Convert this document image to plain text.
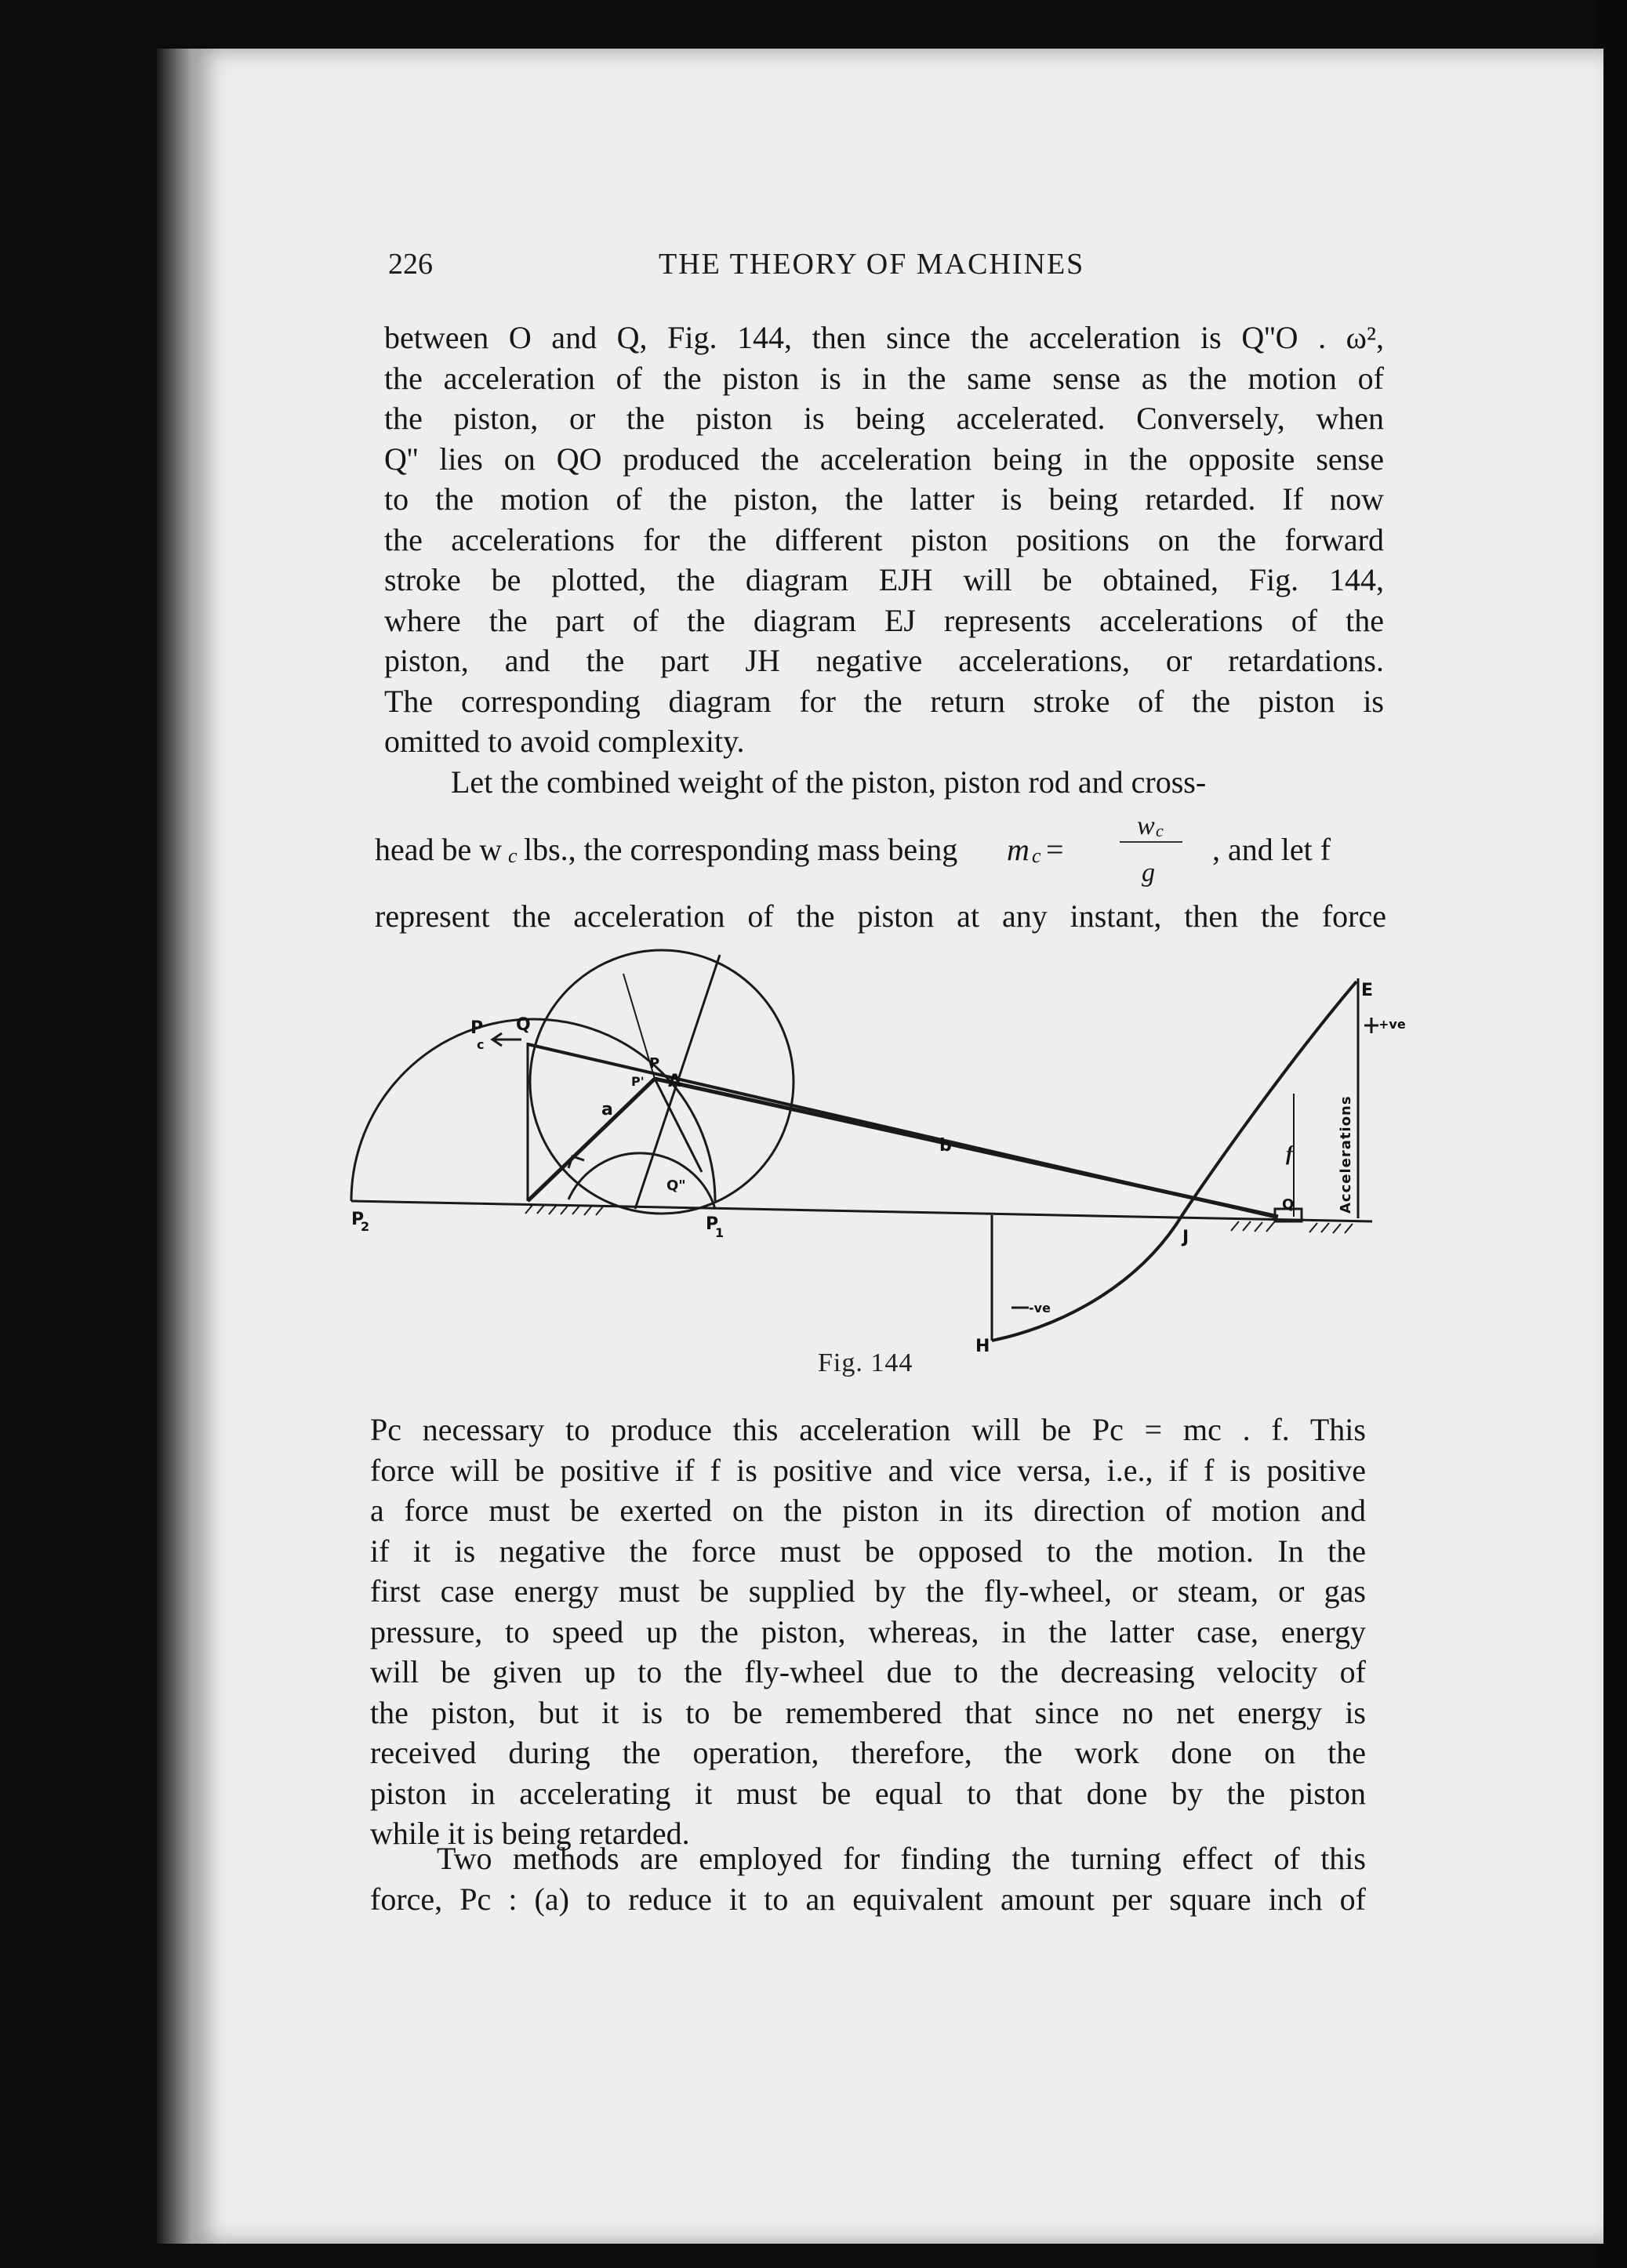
226	THE THEORY OF MACHINES

between O and Q, Fig. 144, then since the acceleration is Q''O . ω²,
the acceleration of the piston is in the same sense as the motion of
the piston, or the piston is being accelerated. Conversely, when
Q'' lies on QO produced the acceleration being in the opposite sense
to the motion of the piston, the latter is being retarded. If now
the accelerations for the different piston positions on the forward
stroke be plotted, the diagram EJH will be obtained, Fig. 144,
where the part of the diagram EJ represents accelerations of the
piston, and the part JH negative accelerations, or retardations.
The corresponding diagram for the return stroke of the piston is
omitted to avoid complexity.

Let the combined weight of the piston, piston rod and cross-

head be w c lbs., the corresponding mass being m c =
w c
g
, and let f

represent the acceleration of the piston at any instant, then the force

P
2
P
c
Q
P
P' A
a
b
Q"
P
1
E
J
H
f
+ve
-ve
Q	Accelerations
Fig. 144

Pc necessary to produce this acceleration will be Pc = mc . f. This
force will be positive if f is positive and vice versa, i.e., if f is positive
a force must be exerted on the piston in its direction of motion and
if it is negative the force must be opposed to the motion. In the
first case energy must be supplied by the fly-wheel, or steam, or gas
pressure, to speed up the piston, whereas, in the latter case, energy
will be given up to the fly-wheel due to the decreasing velocity of
the piston, but it is to be remembered that since no net energy is
received during the operation, therefore, the work done on the
piston in accelerating it must be equal to that done by the piston
while it is being retarded.

Two methods are employed for finding the turning effect of this
force, Pc : (a) to reduce it to an equivalent amount per square inch of
